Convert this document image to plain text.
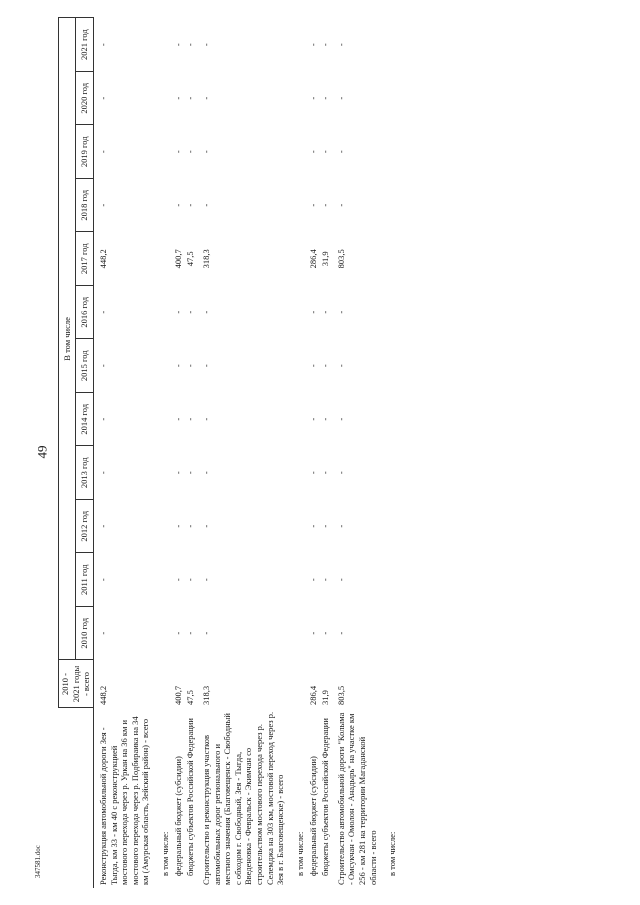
49
347581.doc
	2010 - 2021 годы - всего	В том числе											
		2010 год	2011 год	2012 год	2013 год	2014 год	2015 год	2016 год	2017 год	2018 год	2019 год	2020 год	2021 год
Реконструкция автомобильной дороги Зея - Тыгда, км 33 - км 40 с реконструкцией мостового перехода через р. Уркан на 36 км и мостового перехода через р. Подбираика на 34 км (Амурская область, Зейский район) - всего	448,2	-	-	-	-	-	-	-	448,2	-	-	-	-
в том числе:													
федеральный бюджет (субсидии)	400,7	-	-	-	-	-	-	-	400,7	-	-	-	-
бюджеты субъектов Российской Федерации	47,5	-	-	-	-	-	-	-	47,5	-	-	-	-
Строительство и реконструкция участков автомобильных дорог регионального и местного значения (Благовещенск - Свободный с обходом г. Свободный, Зея - Тыгда, Введеновка - Февральск - Экимчан со строительством мостового перехода через р. Селемджа на 303 км, мостовой переход через р. Зея в г. Благовещенске) - всего	318,3	-	-	-	-	-	-	-	318,3	-	-	-	-
в том числе:													
федеральный бюджет (субсидии)	286,4	-	-	-	-	-	-	-	286,4	-	-	-	-
бюджеты субъектов Российской Федерации	31,9	-	-	-	-	-	-	-	31,9	-	-	-	-
Строительство автомобильной дороги "Колыма - Омсукчан - Омолон - Анадырь" на участке км 256 - км 281 на территории Магаданской области - всего	803,5	-	-	-	-	-	-	-	803,5	-	-	-	-
в том числе:													
